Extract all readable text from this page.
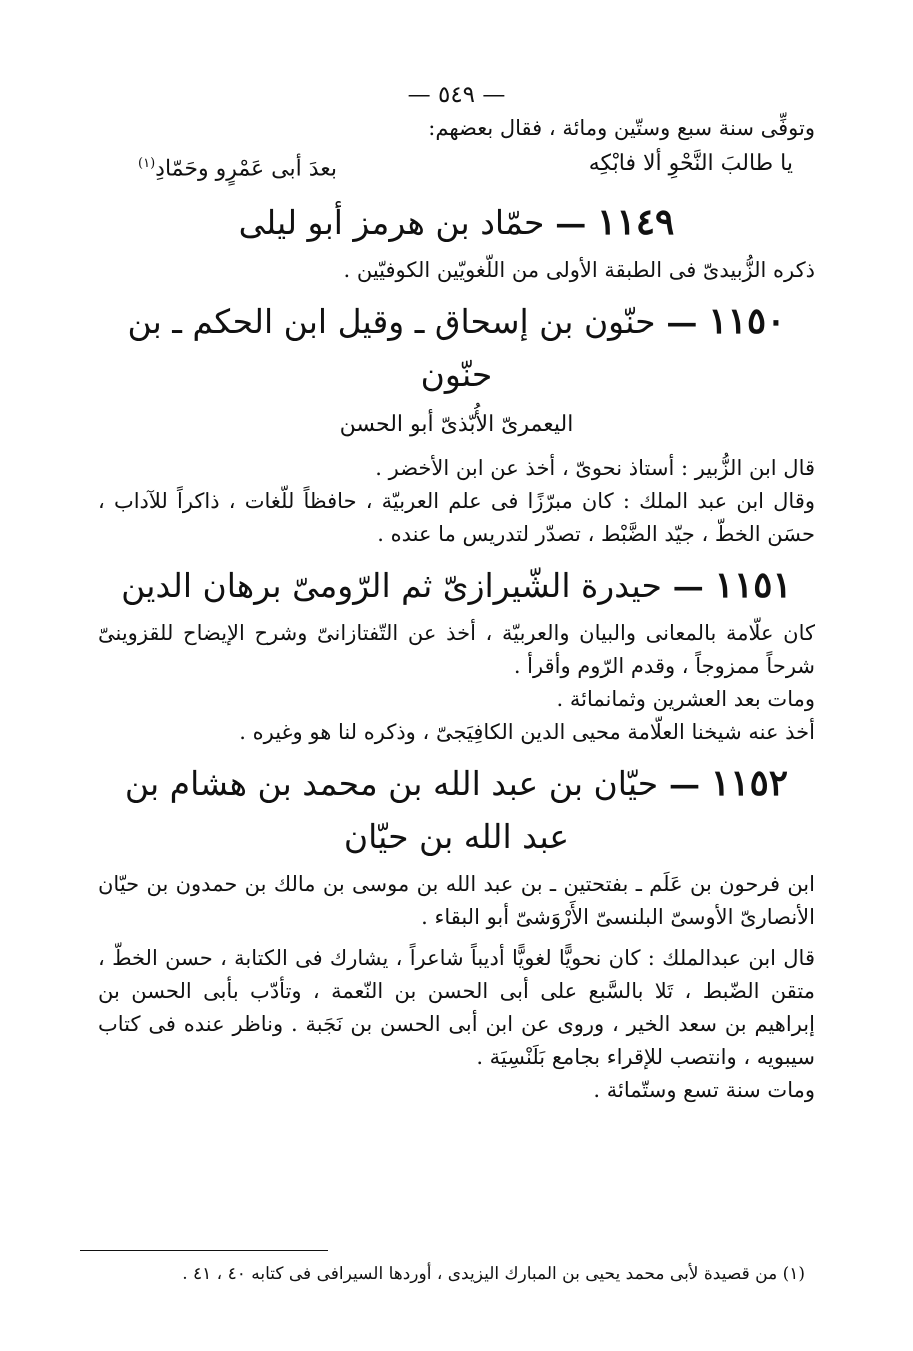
— ٥٤٩ —

وتوفِّى سنة سبع وستّين ومائة ، فقال بعضهم:

يا طالبَ النَّحْوِ ألا فابْكِه
بعدَ أبى عَمْرٍو وحَمّادِ$^{(١)}$
١١٤٩ — حمّاد بن هرمز أبو ليلى

ذكره الزُّبيدىّ فى الطبقة الأولى من اللّغويّين الكوفيّين .

١١٥٠ — حنّون بن إسحاق ـ وقيل ابن الحكم ـ بن حنّون
اليعمرىّ الأُبّذىّ أبو الحسن

قال ابن الزُّبير : أستاذ نحوىّ ، أخذ عن ابن الأخضر .

وقال ابن عبد الملك : كان مبرّزًا فى علم العربيّة ، حافظاً للّغات ، ذاكراً للآداب ، حسَن الخطّ ، جيّد الضَّبْط ، تصدّر لتدريس ما عنده .

١١٥١ — حيدرة الشّيرازىّ ثم الرّومىّ برهان الدين

كان علّامة بالمعانى والبيان والعربيّة ، أخذ عن التّفتازانىّ وشرح الإيضاح للقزوينىّ شرحاً ممزوجاً ، وقدم الرّوم وأقرأ .

ومات بعد العشرين وثمانمائة .

أخذ عنه شيخنا العلّامة محيى الدين الكافِيَجىّ ، وذكره لنا هو وغيره .

١١٥٢ — حيّان بن عبد الله بن محمد بن هشام بن عبد الله بن حيّان

ابن فرحون بن عَلَم ـ بفتحتين ـ بن عبد الله بن موسى بن مالك بن حمدون بن حيّان الأنصارىّ الأوسىّ البلنسىّ الأَرْوَشىّ أبو البقاء .

قال ابن عبدالملك : كان نحويًّا لغويًّا أديباً شاعراً ، يشارك فى الكتابة ، حسن الخطّ ، متقن الضّبط ، تَلا بالسَّبع على أبى الحسن بن النّعمة ، وتأدّب بأبى الحسن بن إبراهيم بن سعد الخير ، وروى عن ابن أبى الحسن بن نَجَبة . وناظر عنده فى كتاب سيبويه ، وانتصب للإقراء بجامع بَلَنْسِيَة .

ومات سنة تسع وستّمائة .

(١) من قصيدة لأبى محمد يحيى بن المبارك اليزيدى ، أوردها السيرافى فى كتابه ٤٠ ، ٤١ .
